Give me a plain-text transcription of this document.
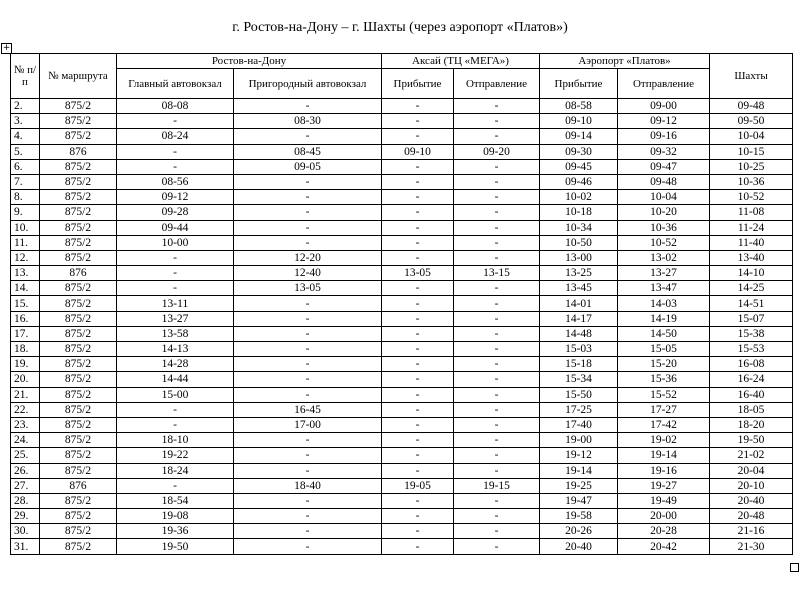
г. Ростов-на-Дону – г. Шахты (через аэропорт «Платов»)
+
№ п/п	№ маршрута	Ростов-на-Дону		Аксай (ТЦ «МЕГА»)		Аэропорт «Платов»		Шахты
		Главный автовокзал	Пригородный автовокзал	Прибытие	Отправление	Прибытие	Отправление	
2.	875/2	08-08	-	-	-	08-58	09-00	09-48
3.	875/2	-	08-30	-	-	09-10	09-12	09-50
4.	875/2	08-24	-	-	-	09-14	09-16	10-04
5.	876	-	08-45	09-10	09-20	09-30	09-32	10-15
6.	875/2	-	09-05	-	-	09-45	09-47	10-25
7.	875/2	08-56	-	-	-	09-46	09-48	10-36
8.	875/2	09-12	-	-	-	10-02	10-04	10-52
9.	875/2	09-28	-	-	-	10-18	10-20	11-08
10.	875/2	09-44	-	-	-	10-34	10-36	11-24
11.	875/2	10-00	-	-	-	10-50	10-52	11-40
12.	875/2	-	12-20	-	-	13-00	13-02	13-40
13.	876	-	12-40	13-05	13-15	13-25	13-27	14-10
14.	875/2	-	13-05	-	-	13-45	13-47	14-25
15.	875/2	13-11	-	-	-	14-01	14-03	14-51
16.	875/2	13-27	-	-	-	14-17	14-19	15-07
17.	875/2	13-58	-	-	-	14-48	14-50	15-38
18.	875/2	14-13	-	-	-	15-03	15-05	15-53
19.	875/2	14-28	-	-	-	15-18	15-20	16-08
20.	875/2	14-44	-	-	-	15-34	15-36	16-24
21.	875/2	15-00	-	-	-	15-50	15-52	16-40
22.	875/2	-	16-45	-	-	17-25	17-27	18-05
23.	875/2	-	17-00	-	-	17-40	17-42	18-20
24.	875/2	18-10	-	-	-	19-00	19-02	19-50
25.	875/2	19-22	-	-	-	19-12	19-14	21-02
26.	875/2	18-24	-	-	-	19-14	19-16	20-04
27.	876	-	18-40	19-05	19-15	19-25	19-27	20-10
28.	875/2	18-54	-	-	-	19-47	19-49	20-40
29.	875/2	19-08	-	-	-	19-58	20-00	20-48
30.	875/2	19-36	-	-	-	20-26	20-28	21-16
31.	875/2	19-50	-	-	-	20-40	20-42	21-30
